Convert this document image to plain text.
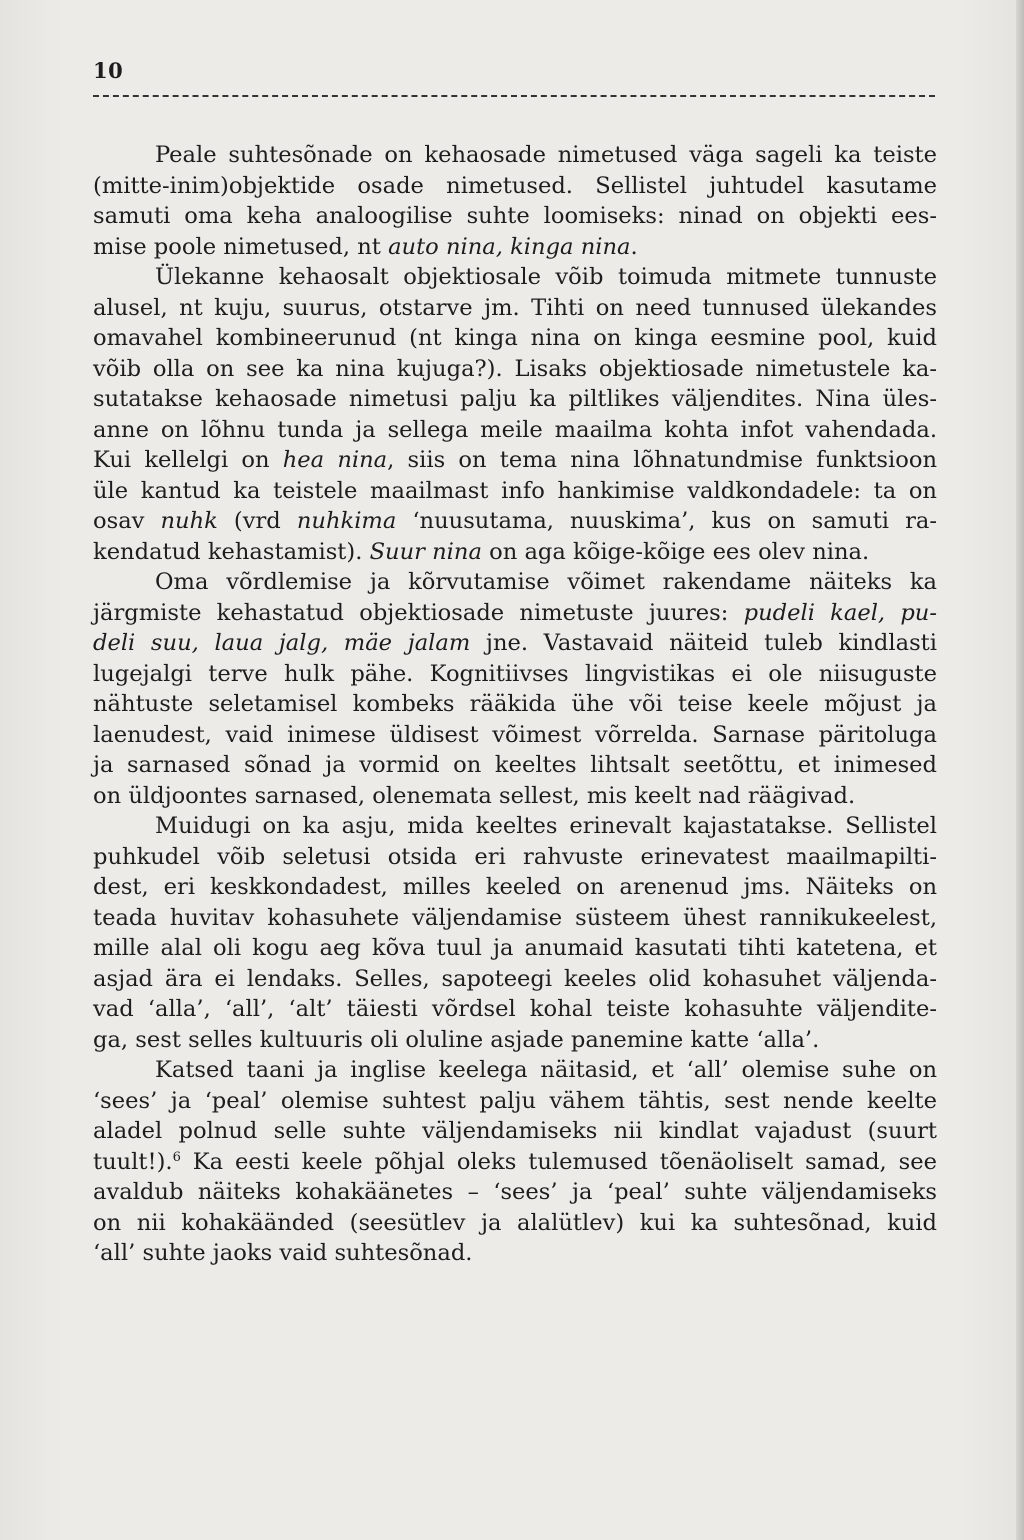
10
Peale suhtesõnade on kehaosade nimetused väga sageli ka teiste
(mitte-inim)objektide osade nimetused. Sellistel juhtudel kasutame
samuti oma keha analoogilise suhte loomiseks: ninad on objekti ees-
mise poole nimetused, nt auto nina, kinga nina.
Ülekanne kehaosalt objektiosale võib toimuda mitmete tunnuste
alusel, nt kuju, suurus, otstarve jm. Tihti on need tunnused ülekandes
omavahel kombineerunud (nt kinga nina on kinga eesmine pool, kuid
võib olla on see ka nina kujuga?). Lisaks objektiosade nimetustele ka-
sutatakse kehaosade nimetusi palju ka piltlikes väljendites. Nina üles-
anne on lõhnu tunda ja sellega meile maailma kohta infot vahendada.
Kui kellelgi on hea nina, siis on tema nina lõhnatundmise funktsioon
üle kantud ka teistele maailmast info hankimise valdkondadele: ta on
osav nuhk (vrd nuhkima ‘nuusutama, nuuskima’, kus on samuti ra-
kendatud kehastamist). Suur nina on aga kõige-kõige ees olev nina.
Oma võrdlemise ja kõrvutamise võimet rakendame näiteks ka
järgmiste kehastatud objektiosade nimetuste juures: pudeli kael, pu-
deli suu, laua jalg, mäe jalam jne. Vastavaid näiteid tuleb kindlasti
lugejalgi terve hulk pähe. Kognitiivses lingvistikas ei ole niisuguste
nähtuste seletamisel kombeks rääkida ühe või teise keele mõjust ja
laenudest, vaid inimese üldisest võimest võrrelda. Sarnase päritoluga
ja sarnased sõnad ja vormid on keeltes lihtsalt seetõttu, et inimesed
on üldjoontes sarnased, olenemata sellest, mis keelt nad räägivad.
Muidugi on ka asju, mida keeltes erinevalt kajastatakse. Sellistel
puhkudel võib seletusi otsida eri rahvuste erinevatest maailmapilti-
dest, eri keskkondadest, milles keeled on arenenud jms. Näiteks on
teada huvitav kohasuhete väljendamise süsteem ühest rannikukeelest,
mille alal oli kogu aeg kõva tuul ja anumaid kasutati tihti katetena, et
asjad ära ei lendaks. Selles, sapoteegi keeles olid kohasuhet väljenda-
vad ‘alla’, ‘all’, ‘alt’ täiesti võrdsel kohal teiste kohasuhte väljendite-
ga, sest selles kultuuris oli oluline asjade panemine katte ‘alla’.
Katsed taani ja inglise keelega näitasid, et ‘all’ olemise suhe on
‘sees’ ja ‘peal’ olemise suhtest palju vähem tähtis, sest nende keelte
aladel polnud selle suhte väljendamiseks nii kindlat vajadust (suurt
tuult!).$^6$ Ka eesti keele põhjal oleks tulemused tõenäoliselt samad, see
avaldub näiteks kohakäänetes – ‘sees’ ja ‘peal’ suhte väljendamiseks
on nii kohakäänded (seesütlev ja alalütlev) kui ka suhtesõnad, kuid
‘all’ suhte jaoks vaid suhtesõnad.
